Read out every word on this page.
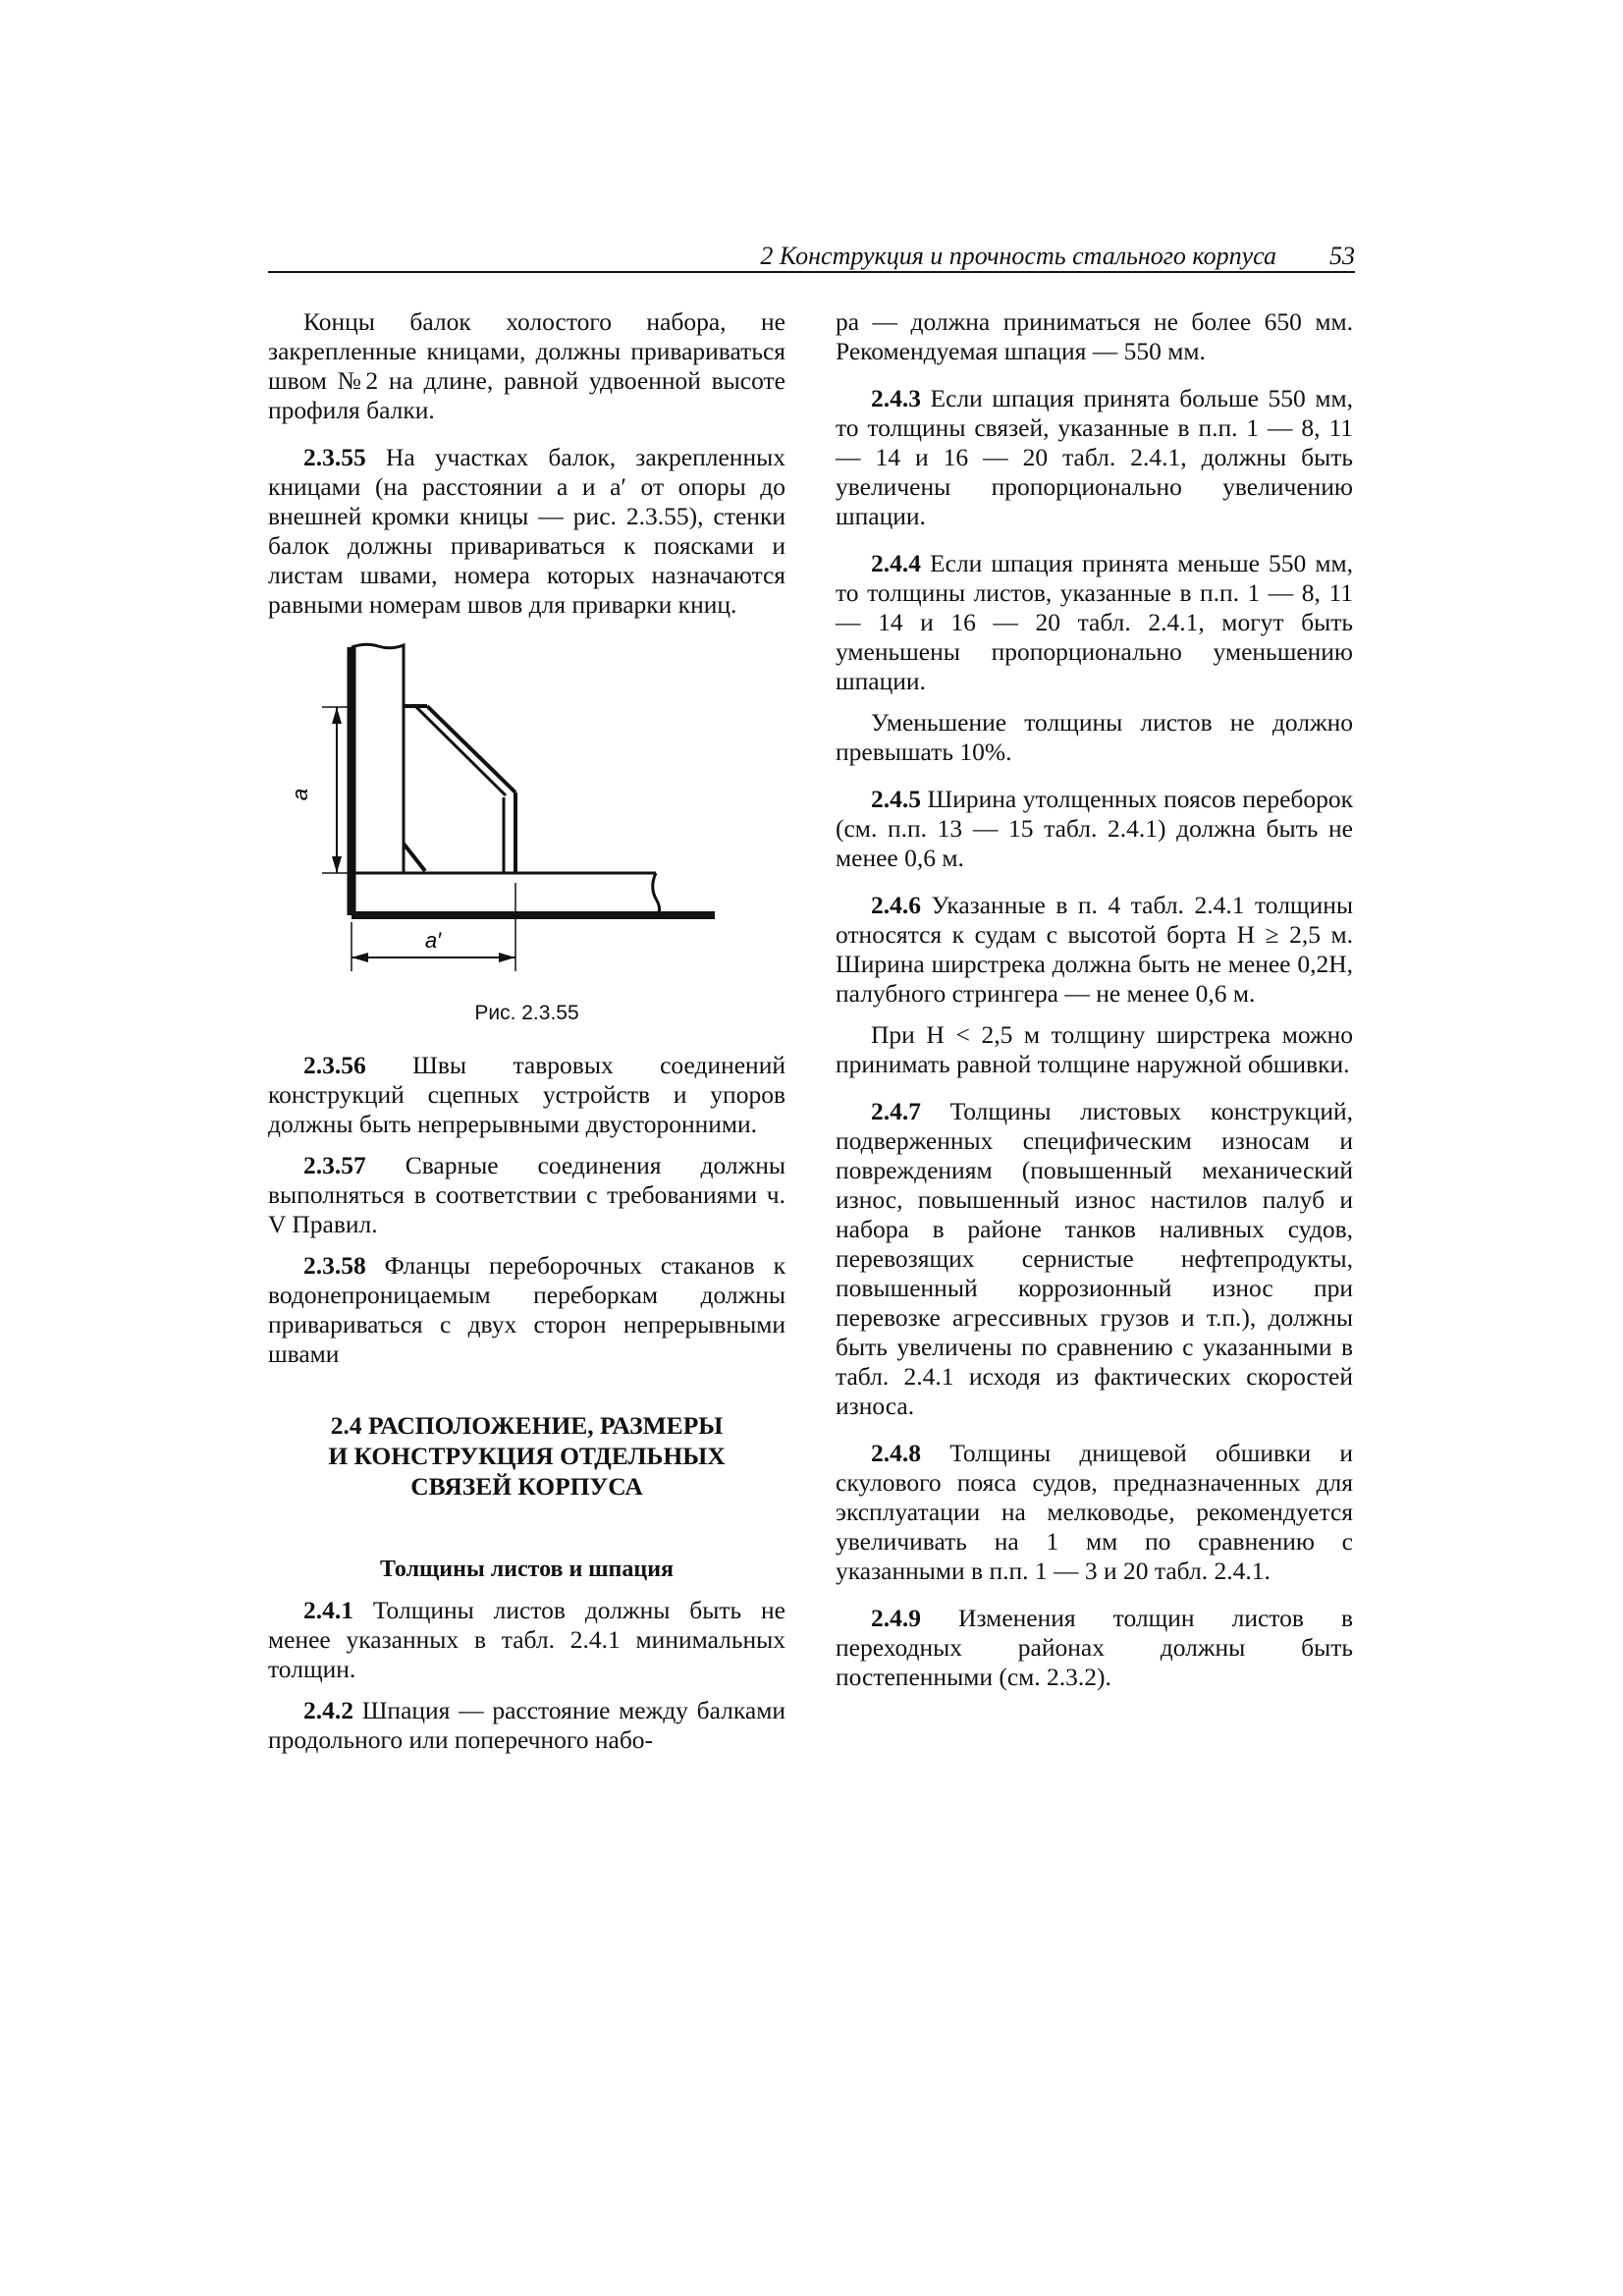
2 Конструкция и прочность стального корпуса 53

Концы балок холостого набора, не закрепленные кницами, должны привариваться швом №2 на длине, равной удвоенной высоте профиля балки.

2.3.55 На участках балок, закрепленных кницами (на расстоянии a и a′ от опоры до внешней кромки кницы — рис. 2.3.55), стенки балок должны привариваться к поясками и листам швами, номера которых назначаются равными номерам швов для приварки книц.

a
a′
Рис. 2.3.55

2.3.56 Швы тавровых соединений конструкций сцепных устройств и упоров должны быть непрерывными двусторонними.

2.3.57 Сварные соединения должны выполняться в соответствии с требованиями ч. V Правил.

2.3.58 Фланцы переборочных стаканов к водонепроницаемым переборкам должны привариваться с двух сторон непрерывными швами

2.4 РАСПОЛОЖЕНИЕ, РАЗМЕРЫ
И КОНСТРУКЦИЯ ОТДЕЛЬНЫХ
СВЯЗЕЙ КОРПУСА
Толщины листов и шпация

2.4.1 Толщины листов должны быть не менее указанных в табл. 2.4.1 минимальных толщин.

2.4.2 Шпация — расстояние между балками продольного или поперечного набо-

ра — должна приниматься не более 650 мм. Рекомендуемая шпация — 550 мм.

2.4.3 Если шпация принята больше 550 мм, то толщины связей, указанные в п.п. 1 — 8, 11 — 14 и 16 — 20 табл. 2.4.1, должны быть увеличены пропорционально увеличению шпации.

2.4.4 Если шпация принята меньше 550 мм, то толщины листов, указанные в п.п. 1 — 8, 11 — 14 и 16 — 20 табл. 2.4.1, могут быть уменьшены пропорционально уменьшению шпации.

Уменьшение толщины листов не должно превышать 10%.

2.4.5 Ширина утолщенных поясов переборок (см. п.п. 13 — 15 табл. 2.4.1) должна быть не менее 0,6 м.

2.4.6 Указанные в п. 4 табл. 2.4.1 толщины относятся к судам с высотой борта H ≥ 2,5 м. Ширина ширстрека должна быть не менее 0,2H, палубного стрингера — не менее 0,6 м.

При H < 2,5 м толщину ширстрека можно принимать равной толщине наружной обшивки.

2.4.7 Толщины листовых конструкций, подверженных специфическим износам и повреждениям (повышенный механический износ, повышенный износ настилов палуб и набора в районе танков наливных судов, перевозящих сернистые нефтепродукты, повышенный коррозионный износ при перевозке агрессивных грузов и т.п.), должны быть увеличены по сравнению с указанными в табл. 2.4.1 исходя из фактических скоростей износа.

2.4.8 Толщины днищевой обшивки и скулового пояса судов, предназначенных для эксплуатации на мелководье, рекомендуется увеличивать на 1 мм по сравнению с указанными в п.п. 1 — 3 и 20 табл. 2.4.1.

2.4.9 Изменения толщин листов в переходных районах должны быть постепенными (см. 2.3.2).
